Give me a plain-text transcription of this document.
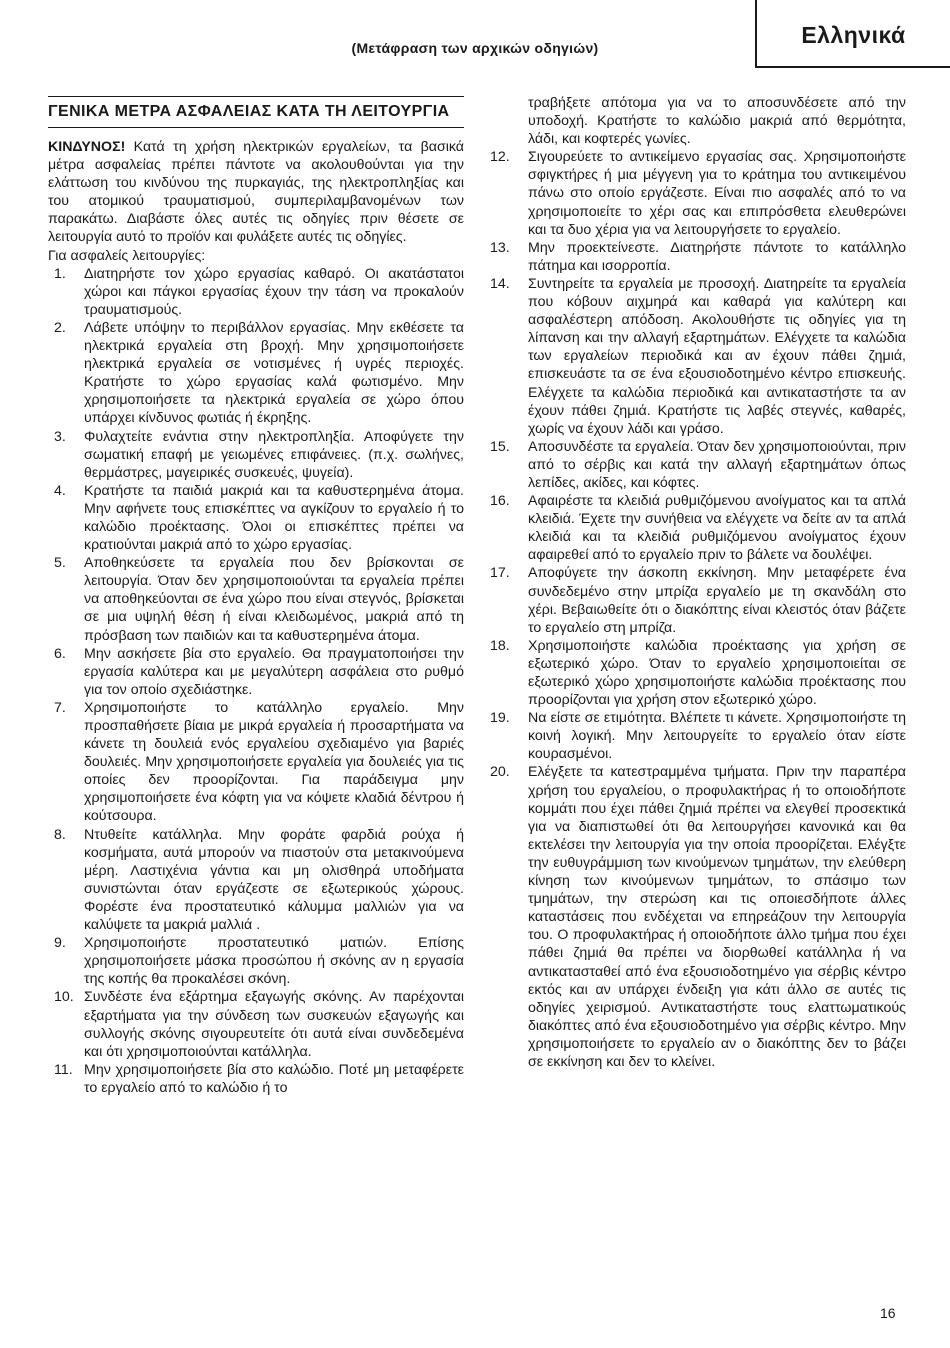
Ελληνικά
(Μετάφραση των αρχικών οδηγιών)
ΓΕΝΙΚΑ ΜΕΤΡΑ ΑΣΦΑΛΕΙΑΣ ΚΑΤΑ ΤΗ ΛΕΙΤΟΥΡΓΙΑ
ΚΙΝΔΥΝΟΣ! Κατά τη χρήση ηλεκτρικών εργαλείων, τα βασικά μέτρα ασφαλείας πρέπει πάντοτε να ακολουθούνται για την ελάττωση του κινδύνου της πυρκαγιάς, της ηλεκτροπληξίας και του ατομικού τραυματισμού, συμπεριλαμβανομένων των παρακάτω. Διαβάστε όλες αυτές τις οδηγίες πριν θέσετε σε λειτουργία αυτό το προϊόν και φυλάξετε αυτές τις οδηγίες.
Για ασφαλείς λειτουργίες:
1.	Διατηρήστε τον χώρο εργασίας καθαρό. Οι ακατάστατοι χώροι και πάγκοι εργασίας έχουν την τάση να προκαλούν τραυματισμούς.
2.	Λάβετε υπόψην το περιβάλλον εργασίας. Μην εκθέσετε τα ηλεκτρικά εργαλεία στη βροχή. Μην χρησιμοποιήσετε ηλεκτρικά εργαλεία σε νοτισμένες ή υγρές περιοχές. Κρατήστε το χώρο εργασίας καλά φωτισμένο. Μην χρησιμοποιήσετε τα ηλεκτρικά εργαλεία σε χώρο όπου υπάρχει κίνδυνος φωτιάς ή έκρηξης.
3.	Φυλαχτείτε ενάντια στην ηλεκτροπληξία. Αποφύγετε την σωματική επαφή με γειωμένες επιφάνειες. (π.χ. σωλήνες, θερμάστρες, μαγειρικές συσκευές, ψυγεία).
4.	Κρατήστε τα παιδιά μακριά και τα καθυστερημένα άτομα. Μην αφήνετε τους επισκέπτες να αγκίζουν το εργαλείο ή το καλώδιο προέκτασης. Όλοι οι επισκέπτες πρέπει να κρατιούνται μακριά από το χώρο εργασίας.
5.	Αποθηκεύσετε τα εργαλεία που δεν βρίσκονται σε λειτουργία. Όταν δεν χρησιμοποιούνται τα εργαλεία πρέπει να αποθηκεύονται σε ένα χώρο που είναι στεγνός, βρίσκεται σε μια υψηλή θέση ή είναι κλειδωμένος, μακριά από τη πρόσβαση των παιδιών και τα καθυστερημένα άτομα.
6.	Μην ασκήσετε βία στο εργαλείο. Θα πραγματοποιήσει την εργασία καλύτερα και με μεγαλύτερη ασφάλεια στο ρυθμό για τον οποίο σχεδιάστηκε.
7.	Χρησιμοποιήστε το κατάλληλο εργαλείο. Μην προσπαθήσετε βίαια με μικρά εργαλεία ή προσαρτήματα να κάνετε τη δουλειά ενός εργαλείου σχεδιαμένο για βαριές δουλειές. Μην χρησιμοποιήσετε εργαλεία για δουλειές για τις οποίες δεν προορίζονται. Για παράδειγμα μην χρησιμοποιήσετε ένα κόφτη για να κόψετε κλαδιά δέντρου ή κούτσουρα.
8.	Ντυθείτε κατάλληλα. Μην φοράτε φαρδιά ρούχα ή κοσμήματα, αυτά μπορούν να πιαστούν στα μετακινούμενα μέρη. Λαστιχένια γάντια και μη ολισθηρά υποδήματα συνιστώνται όταν εργάζεστε σε εξωτερικούς χώρους. Φορέστε ένα προστατευτικό κάλυμμα μαλλιών για να καλύψετε τα μακριά μαλλιά .
9.	Χρησιμοποιήστε προστατευτικό ματιών. Επίσης χρησιμοποιήσετε μάσκα προσώπου ή σκόνης αν η εργασία της κοπής θα προκαλέσει σκόνη.
10. Συνδέστε ένα εξάρτημα εξαγωγής σκόνης. Αν παρέχονται εξαρτήματα για την σύνδεση των συσκευών εξαγωγής και συλλογής σκόνης σιγουρευτείτε ότι αυτά είναι συνδεδεμένα και ότι χρησιμοποιούνται κατάλληλα.
11. Μην χρησιμοποιήσετε βία στο καλώδιο. Ποτέ μη μεταφέρετε το εργαλείο από το καλώδιο ή το
τραβήξετε απότομα για να το αποσυνδέσετε από την υποδοχή. Κρατήστε το καλώδιο μακριά από θερμότητα, λάδι, και κοφτερές γωνίες.
12.	Σιγουρεύετε το αντικείμενο εργασίας σας. Χρησιμοποιήστε σφιγκτήρες ή μια μέγγενη για το κράτημα του αντικειμένου πάνω στο οποίο εργάζεστε. Είναι πιο ασφαλές από το να χρησιμοποιείτε το χέρι σας και επιπρόσθετα ελευθερώνει και τα δυο χέρια για να λειτουργήσετε το εργαλείο.
13.	Μην προεκτείνεστε. Διατηρήστε πάντοτε το κατάλληλο πάτημα και ισορροπία.
14.	Συντηρείτε τα εργαλεία με προσοχή. Διατηρείτε τα εργαλεία που κόβουν αιχμηρά και καθαρά για καλύτερη και ασφαλέστερη απόδοση. Ακολουθήστε τις οδηγίες για τη λίπανση και την αλλαγή εξαρτημάτων. Ελέγχετε τα καλώδια των εργαλείων περιοδικά και αν έχουν πάθει ζημιά, επισκευάστε τα σε ένα εξουσιοδοτημένο κέντρο επισκευής. Ελέγχετε τα καλώδια περιοδικά και αντικαταστήστε τα αν έχουν πάθει ζημιά. Κρατήστε τις λαβές στεγνές, καθαρές, χωρίς να έχουν λάδι και γράσο.
15.	Αποσυνδέστε τα εργαλεία. Όταν δεν χρησιμοποιούνται, πριν από το σέρβις και κατά την αλλαγή εξαρτημάτων όπως λεπίδες, ακίδες, και κόφτες.
16.	Αφαιρέστε τα κλειδιά ρυθμιζόμενου ανοίγματος και τα απλά κλειδιά. Έχετε την συνήθεια να ελέγχετε να δείτε αν τα απλά κλειδιά και τα κλειδιά ρυθμιζόμενου ανοίγματος έχουν αφαιρεθεί από το εργαλείο πριν το βάλετε να δουλέψει.
17.	Αποφύγετε την άσκοπη εκκίνηση. Μην μεταφέρετε ένα συνδεδεμένο στην μπρίζα εργαλείο με τη σκανδάλη στο χέρι. Βεβαιωθείτε ότι ο διακόπτης είναι κλειστός όταν βάζετε το εργαλείο στη μπρίζα.
18.	Χρησιμοποιήστε καλώδια προέκτασης για χρήση σε εξωτερικό χώρο. Όταν το εργαλείο χρησιμοποιείται σε εξωτερικό χώρο χρησιμοποιήστε καλώδια προέκτασης που προορίζονται για χρήση στον εξωτερικό χώρο.
19.	Να είστε σε ετιμότητα. Βλέπετε τι κάνετε. Χρησιμοποιήστε τη κοινή λογική. Μην λειτουργείτε το εργαλείο όταν είστε κουρασμένοι.
20.	Ελέγξετε τα κατεστραμμένα τμήματα. Πριν την παραπέρα χρήση του εργαλείου, ο προφυλακτήρας ή το οποιοδήποτε κομμάτι που έχει πάθει ζημιά πρέπει να ελεγθεί προσεκτικά για να διαπιστωθεί ότι θα λειτουργήσει κανονικά και θα εκτελέσει την λειτουργία για την οποία προορίζεται. Ελέγξτε την ευθυγράμμιση των κινούμενων τμημάτων, την ελεύθερη κίνηση των κινούμενων τμημάτων, το σπάσιμο των τμημάτων, την στερώση και τις οποιεσδήποτε άλλες καταστάσεις που ενδέχεται να επηρεάζουν την λειτουργία του. Ο προφυλακτήρας ή οποιοδήποτε άλλο τμήμα που έχει πάθει ζημιά θα πρέπει να διορθωθεί κατάλληλα ή να αντικατασταθεί από ένα εξουσιοδοτημένο για σέρβις κέντρο εκτός και αν υπάρχει ένδειξη για κάτι άλλο σε αυτές τις οδηγίες χειρισμού. Αντικαταστήστε τους ελαττωματικούς διακόπτες από ένα εξουσιοδοτημένο για σέρβις κέντρο. Μην χρησιμοποιήσετε το εργαλείο αν ο διακόπτης δεν το βάζει σε εκκίνηση και δεν το κλείνει.
16
